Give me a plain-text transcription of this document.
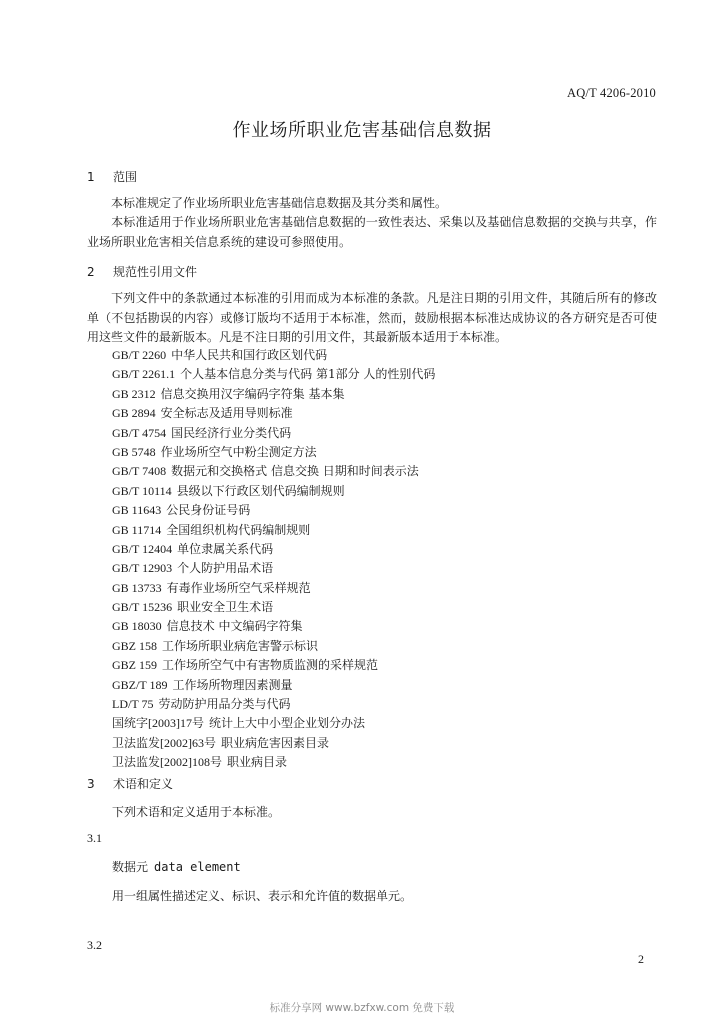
AQ/T 4206-2010
作业场所职业危害基础信息数据
1 范围
本标准规定了作业场所职业危害基础信息数据及其分类和属性。
本标准适用于作业场所职业危害基础信息数据的一致性表达、采集以及基础信息数据的交换与共享，作业场所职业危害相关信息系统的建设可参照使用。
2 规范性引用文件
下列文件中的条款通过本标准的引用而成为本标准的条款。凡是注日期的引用文件，其随后所有的修改单（不包括勘误的内容）或修订版均不适用于本标准，然而，鼓励根据本标准达成协议的各方研究是否可使用这些文件的最新版本。凡是不注日期的引用文件，其最新版本适用于本标准。
GB/T 2260 中华人民共和国行政区划代码
GB/T 2261.1 个人基本信息分类与代码 第1部分 人的性别代码
GB 2312 信息交换用汉字编码字符集 基本集
GB 2894 安全标志及适用导则标准
GB/T 4754 国民经济行业分类代码
GB 5748 作业场所空气中粉尘测定方法
GB/T 7408 数据元和交换格式 信息交换 日期和时间表示法
GB/T 10114 县级以下行政区划代码编制规则
GB 11643 公民身份证号码
GB 11714 全国组织机构代码编制规则
GB/T 12404 单位隶属关系代码
GB/T 12903 个人防护用品术语
GB 13733 有毒作业场所空气采样规范
GB/T 15236 职业安全卫生术语
GB 18030 信息技术 中文编码字符集
GBZ 158 工作场所职业病危害警示标识
GBZ 159 工作场所空气中有害物质监测的采样规范
GBZ/T 189 工作场所物理因素测量
LD/T 75 劳动防护用品分类与代码
国统字[2003]17号 统计上大中小型企业划分办法
卫法监发[2002]63号 职业病危害因素目录
卫法监发[2002]108号 职业病目录
3 术语和定义
下列术语和定义适用于本标准。
3.1
数据元 data element
用一组属性描述定义、标识、表示和允许值的数据单元。
3.2
2
标准分享网 www.bzfxw.com 免费下载
